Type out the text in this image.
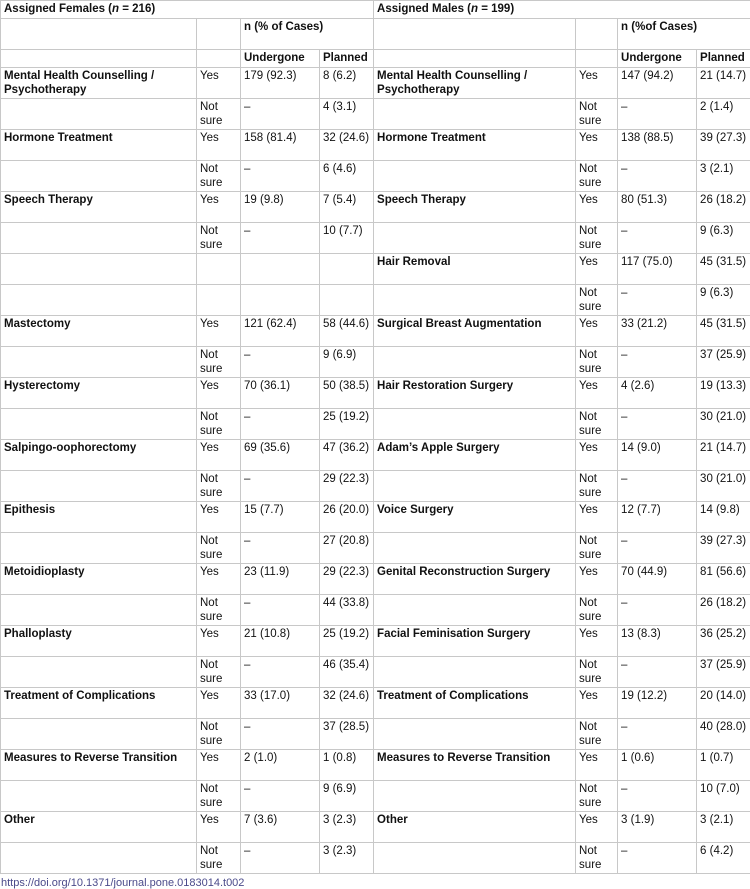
Assigned Females (n = 216)				Assigned Males (n = 199)			
		n (% of Cases)				n (%of Cases)	
		Undergone	Planned			Undergone	Planned
Mental Health Counselling / Psychotherapy	Yes	179 (92.3)	8 (6.2)	Mental Health Counselling / Psychotherapy	Yes	147 (94.2)	21 (14.7)
	Not sure	–	4 (3.1)		Not sure	–	2 (1.4)
Hormone Treatment	Yes	158 (81.4)	32 (24.6)	Hormone Treatment	Yes	138 (88.5)	39 (27.3)
	Not sure	–	6 (4.6)		Not sure	–	3 (2.1)
Speech Therapy	Yes	19 (9.8)	7 (5.4)	Speech Therapy	Yes	80 (51.3)	26 (18.2)
	Not sure	–	10 (7.7)		Not sure	–	9 (6.3)
				Hair Removal	Yes	117 (75.0)	45 (31.5)
					Not sure	–	9 (6.3)
Mastectomy	Yes	121 (62.4)	58 (44.6)	Surgical Breast Augmentation	Yes	33 (21.2)	45 (31.5)
	Not sure	–	9 (6.9)		Not sure	–	37 (25.9)
Hysterectomy	Yes	70 (36.1)	50 (38.5)	Hair Restoration Surgery	Yes	4 (2.6)	19 (13.3)
	Not sure	–	25 (19.2)		Not sure	–	30 (21.0)
Salpingo-oophorectomy	Yes	69 (35.6)	47 (36.2)	Adam’s Apple Surgery	Yes	14 (9.0)	21 (14.7)
	Not sure	–	29 (22.3)		Not sure	–	30 (21.0)
Epithesis	Yes	15 (7.7)	26 (20.0)	Voice Surgery	Yes	12 (7.7)	14 (9.8)
	Not sure	–	27 (20.8)		Not sure	–	39 (27.3)
Metoidioplasty	Yes	23 (11.9)	29 (22.3)	Genital Reconstruction Surgery	Yes	70 (44.9)	81 (56.6)
	Not sure	–	44 (33.8)		Not sure	–	26 (18.2)
Phalloplasty	Yes	21 (10.8)	25 (19.2)	Facial Feminisation Surgery	Yes	13 (8.3)	36 (25.2)
	Not sure	–	46 (35.4)		Not sure	–	37 (25.9)
Treatment of Complications	Yes	33 (17.0)	32 (24.6)	Treatment of Complications	Yes	19 (12.2)	20 (14.0)
	Not sure	–	37 (28.5)		Not sure	–	40 (28.0)
Measures to Reverse Transition	Yes	2 (1.0)	1 (0.8)	Measures to Reverse Transition	Yes	1 (0.6)	1 (0.7)
	Not sure	–	9 (6.9)		Not sure	–	10 (7.0)
Other	Yes	7 (3.6)	3 (2.3)	Other	Yes	3 (1.9)	3 (2.1)
	Not sure	–	3 (2.3)		Not sure	–	6 (4.2)
https://doi.org/10.1371/journal.pone.0183014.t002
